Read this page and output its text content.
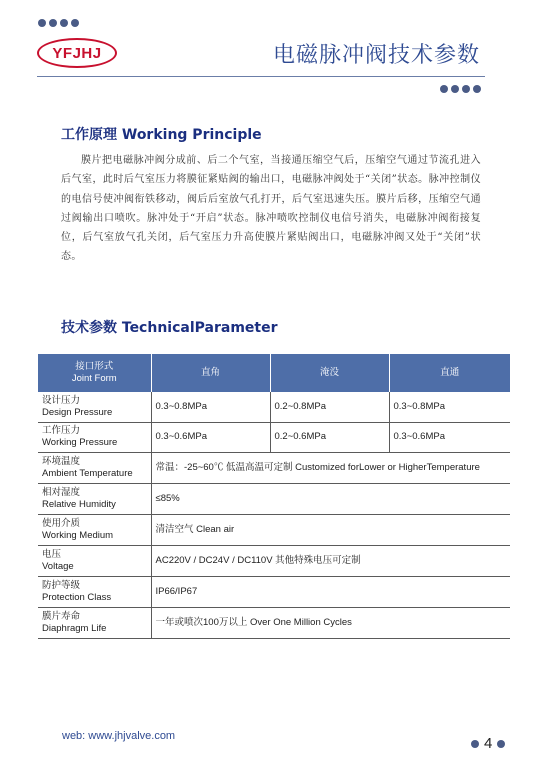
YFJHJ	电磁脉冲阀技术参数
工作原理 Working Principle

膜片把电磁脉冲阀分成前、后二个气室，当接通压缩空气后，压缩空气通过节流孔进入后气室，此时后气室压力将膜征紧贴阀的输出口，电磁脉冲阀处于“关闭”状态。脉冲控制仪的电信号使冲阀衔铁移动，阀后后室放气孔打开，后气室迅速失压。膜片后移，压缩空气通过阀输出口喷吹。脉冲处于“开启”状态。脉冲喷吹控制仪电信号消失，电磁脉冲阀衔接复位，后气室放气孔关闭，后气室压力升高使膜片紧贴阀出口，电磁脉冲阀又处于“关闭”状态。

技术参数 TechnicalParameter
接口形式
Joint Form	直角	淹没	直通

设计压力
Design Pressure	0.3~0.8MPa	0.2~0.8MPa	0.3~0.8MPa

工作压力
Working Pressure	0.3~0.6MPa	0.2~0.6MPa	0.3~0.6MPa

环境温度
Ambient Temperature	常温：-25~60℃ 低温高温可定制 Customized forLower or HigherTemperature		

相对湿度
Relative Humidity	≤85%		

使用介质
Working Medium	清洁空气 Clean air		

电压
Voltage	AC220V / DC24V / DC110V 其他特殊电压可定制		

防护等级
Protection Class	IP66/IP67		

膜片寿命
Diaphragm Life	一年或喷次100万以上 Over One Million Cycles		
web: www.jhjvalve.com	4
